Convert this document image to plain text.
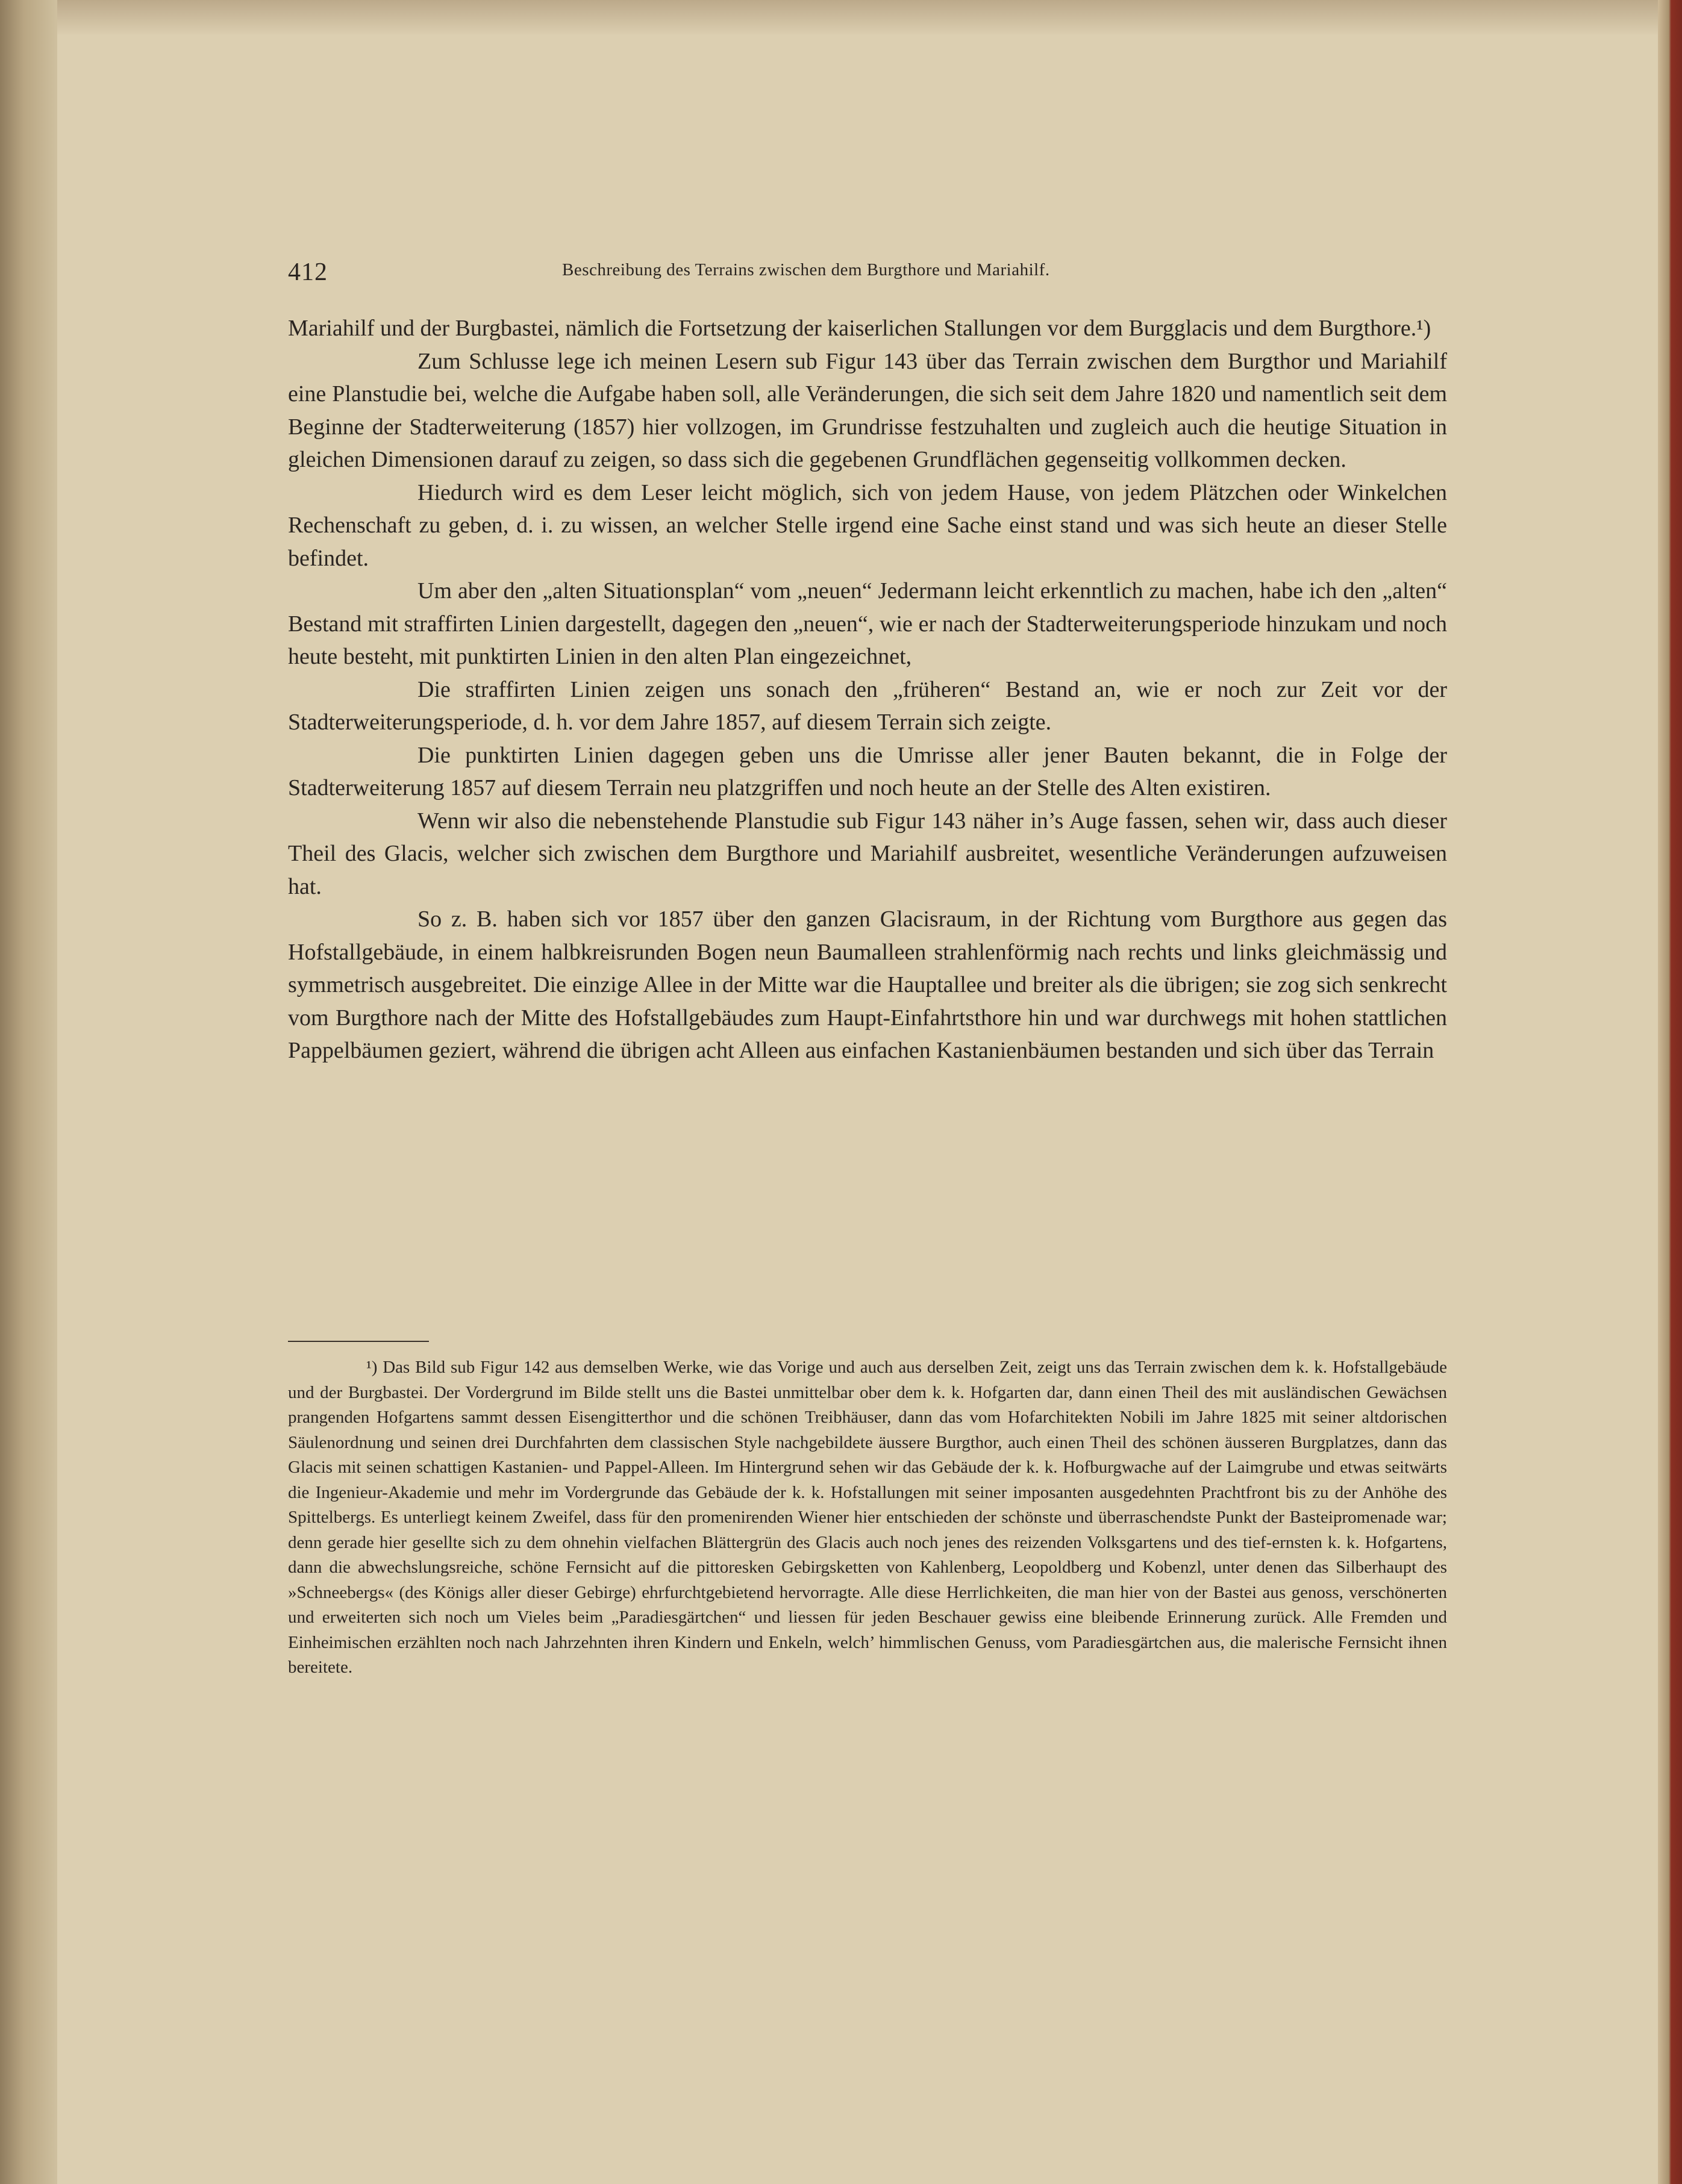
412	Beschreibung des Terrains zwischen dem Burgthore und Mariahilf.

Mariahilf und der Burgbastei, nämlich die Fortsetzung der kaiserlichen Stallungen vor dem Burgglacis und dem Burgthore.¹)

Zum Schlusse lege ich meinen Lesern sub Figur 143 über das Terrain zwischen dem Burgthor und Mariahilf eine Planstudie bei, welche die Aufgabe haben soll, alle Veränderungen, die sich seit dem Jahre 1820 und namentlich seit dem Beginne der Stadterweiterung (1857) hier vollzogen, im Grundrisse festzuhalten und zugleich auch die heutige Situation in gleichen Dimensionen darauf zu zeigen, so dass sich die gegebenen Grundflächen gegenseitig vollkommen decken.

Hiedurch wird es dem Leser leicht möglich, sich von jedem Hause, von jedem Plätzchen oder Winkelchen Rechenschaft zu geben, d. i. zu wissen, an welcher Stelle irgend eine Sache einst stand und was sich heute an dieser Stelle befindet.

Um aber den „alten Situationsplan“ vom „neuen“ Jedermann leicht erkenntlich zu machen, habe ich den „alten“ Bestand mit straffirten Linien dargestellt, dagegen den „neuen“, wie er nach der Stadterweiterungsperiode hinzukam und noch heute besteht, mit punktirten Linien in den alten Plan eingezeichnet,

Die straffirten Linien zeigen uns sonach den „früheren“ Bestand an, wie er noch zur Zeit vor der Stadterweiterungsperiode, d. h. vor dem Jahre 1857, auf diesem Terrain sich zeigte.

Die punktirten Linien dagegen geben uns die Umrisse aller jener Bauten bekannt, die in Folge der Stadterweiterung 1857 auf diesem Terrain neu platzgriffen und noch heute an der Stelle des Alten existiren.

Wenn wir also die nebenstehende Planstudie sub Figur 143 näher in’s Auge fassen, sehen wir, dass auch dieser Theil des Glacis, welcher sich zwischen dem Burgthore und Mariahilf ausbreitet, wesentliche Veränderungen aufzuweisen hat.

So z. B. haben sich vor 1857 über den ganzen Glacisraum, in der Richtung vom Burgthore aus gegen das Hofstallgebäude, in einem halbkreisrunden Bogen neun Baumalleen strahlenförmig nach rechts und links gleichmässig und symmetrisch ausgebreitet. Die einzige Allee in der Mitte war die Hauptallee und breiter als die übrigen; sie zog sich senkrecht vom Burgthore nach der Mitte des Hofstallgebäudes zum Haupt-Einfahrtsthore hin und war durchwegs mit hohen stattlichen Pappelbäumen geziert, während die übrigen acht Alleen aus einfachen Kastanienbäumen bestanden und sich über das Terrain

¹) Das Bild sub Figur 142 aus demselben Werke, wie das Vorige und auch aus derselben Zeit, zeigt uns das Terrain zwischen dem k. k. Hofstallgebäude und der Burgbastei. Der Vordergrund im Bilde stellt uns die Bastei unmittelbar ober dem k. k. Hofgarten dar, dann einen Theil des mit ausländischen Gewächsen prangenden Hofgartens sammt dessen Eisengitterthor und die schönen Treibhäuser, dann das vom Hofarchitekten Nobili im Jahre 1825 mit seiner altdorischen Säulenordnung und seinen drei Durchfahrten dem classischen Style nachgebildete äussere Burgthor, auch einen Theil des schönen äusseren Burgplatzes, dann das Glacis mit seinen schattigen Kastanien- und Pappel-Alleen. Im Hintergrund sehen wir das Gebäude der k. k. Hofburgwache auf der Laimgrube und etwas seitwärts die Ingenieur-Akademie und mehr im Vordergrunde das Gebäude der k. k. Hofstallungen mit seiner imposanten ausgedehnten Prachtfront bis zu der Anhöhe des Spittelbergs. Es unterliegt keinem Zweifel, dass für den promenirenden Wiener hier entschieden der schönste und überraschendste Punkt der Basteipromenade war; denn gerade hier gesellte sich zu dem ohnehin vielfachen Blättergrün des Glacis auch noch jenes des reizenden Volksgartens und des tief-ernsten k. k. Hofgartens, dann die abwechslungsreiche, schöne Fernsicht auf die pittoresken Gebirgsketten von Kahlenberg, Leopoldberg und Kobenzl, unter denen das Silberhaupt des »Schneebergs« (des Königs aller dieser Gebirge) ehrfurchtgebietend hervorragte. Alle diese Herrlichkeiten, die man hier von der Bastei aus genoss, verschönerten und erweiterten sich noch um Vieles beim „Paradiesgärtchen“ und liessen für jeden Beschauer gewiss eine bleibende Erinnerung zurück. Alle Fremden und Einheimischen erzählten noch nach Jahrzehnten ihren Kindern und Enkeln, welch’ himmlischen Genuss, vom Paradiesgärtchen aus, die malerische Fernsicht ihnen bereitete.
